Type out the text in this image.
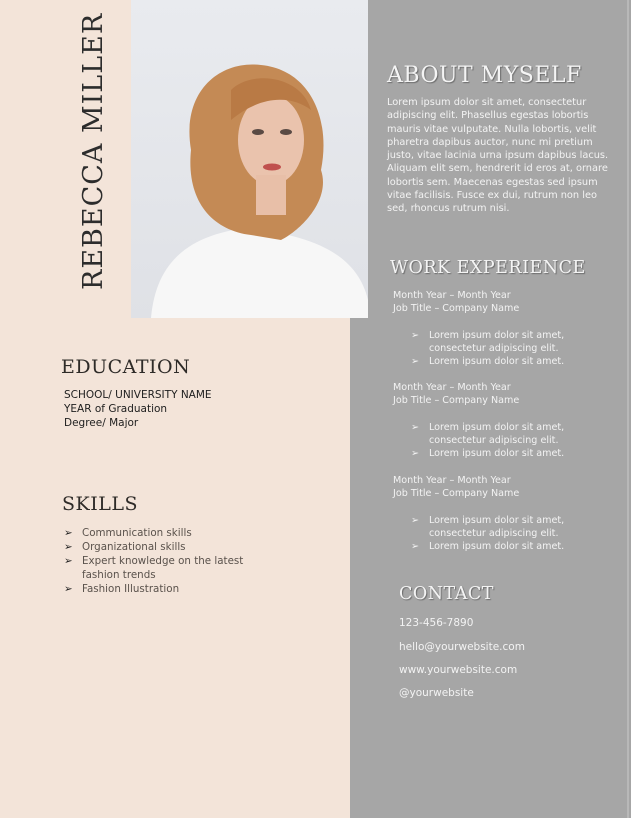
REBECCA MILLER	ABOUT MYSELF
Lorem ipsum dolor sit amet, consectetur adipiscing elit. Phasellus egestas lobortis mauris vitae vulputate. Nulla lobortis, velit pharetra dapibus auctor, nunc mi pretium justo, vitae lacinia urna ipsum dapibus lacus. Aliquam elit sem, hendrerit id eros at, ornare lobortis sem. Maecenas egestas sed ipsum vitae facilisis. Fusce ex dui, rutrum non leo sed, rhoncus rutrum nisi.
WORK EXPERIENCE
Month Year – Month Year
Job Title – Company Name
➢ Lorem ipsum dolor sit amet, consectetur adipiscing elit.
➢ Lorem ipsum dolor sit amet.
Month Year – Month Year
Job Title – Company Name
➢ Lorem ipsum dolor sit amet, consectetur adipiscing elit.
➢ Lorem ipsum dolor sit amet.
Month Year – Month Year
Job Title – Company Name
➢ Lorem ipsum dolor sit amet, consectetur adipiscing elit.
➢ Lorem ipsum dolor sit amet.
CONTACT
123-456-7890
hello@yourwebsite.com
www.yourwebsite.com
@yourwebsite
EDUCATION
SCHOOL/ UNIVERSITY NAME
YEAR of Graduation
Degree/ Major
SKILLS
➢ Communication skills
➢ Organizational skills
➢ Expert knowledge on the latest fashion trends
➢ Fashion Illustration
